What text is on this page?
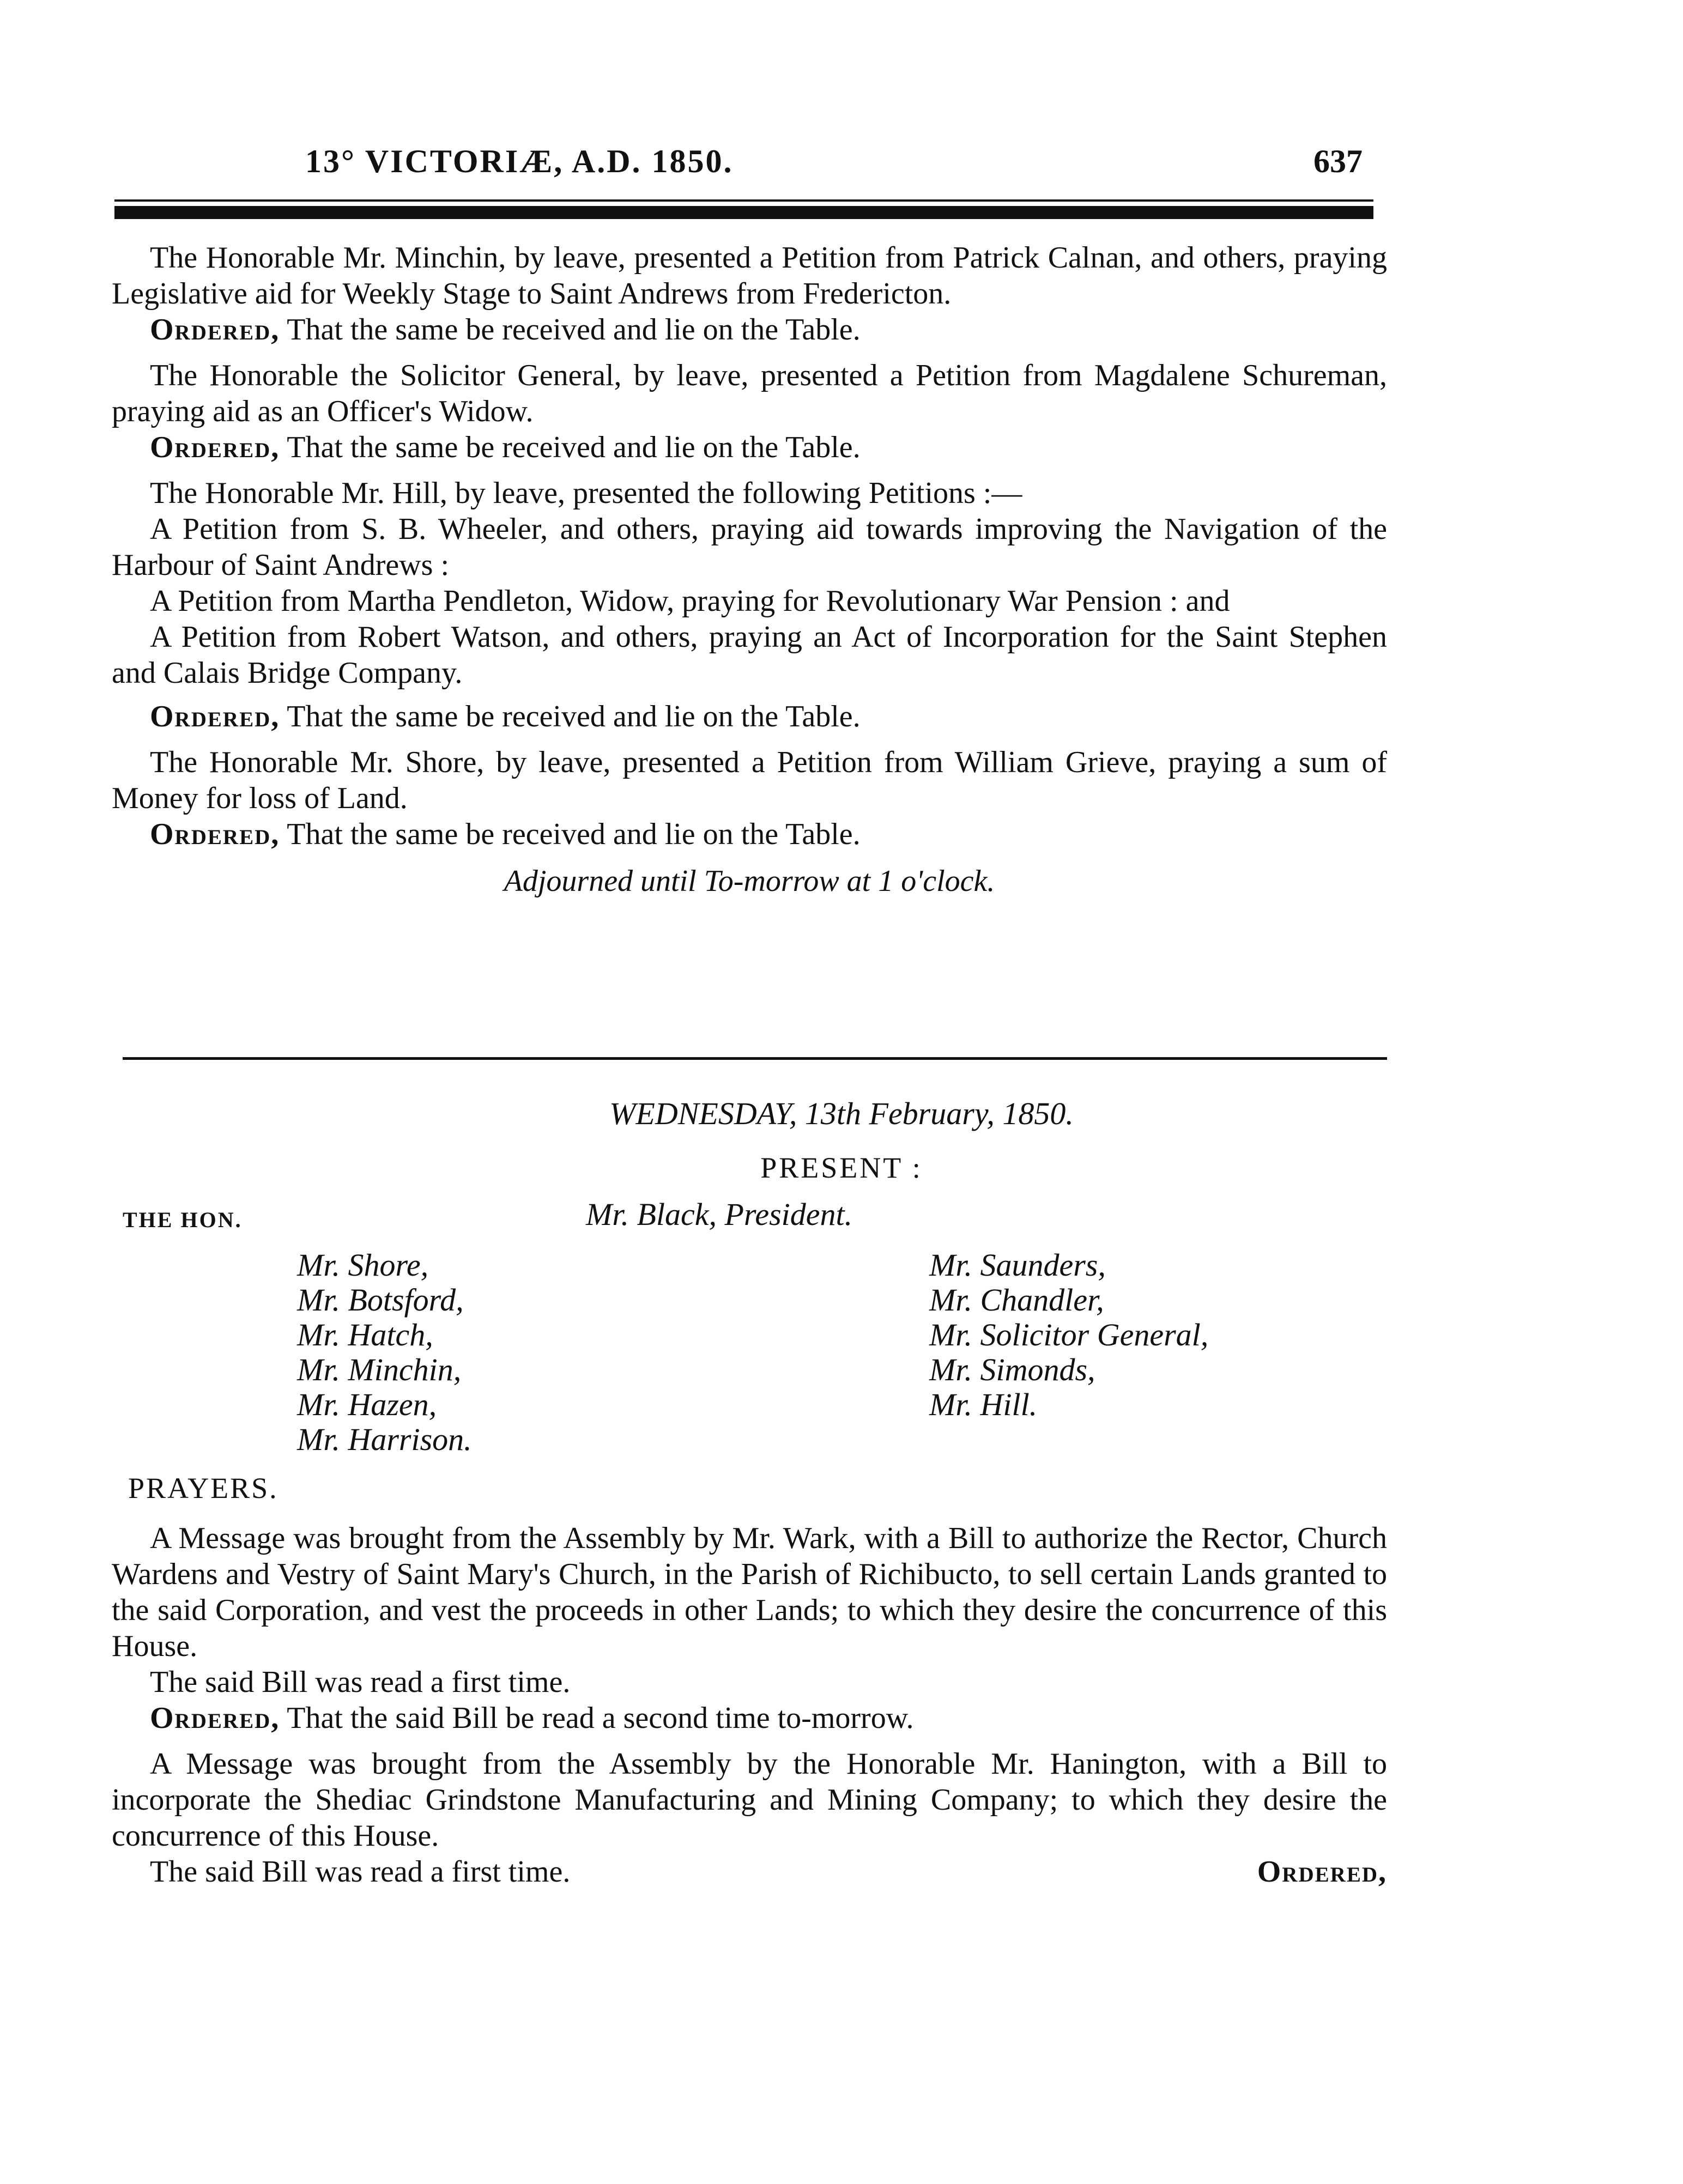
13° VICTORIÆ, A.D. 1850.	637

The Honorable Mr. Minchin, by leave, presented a Petition from Patrick Calnan, and others, praying Legislative aid for Weekly Stage to Saint Andrews from Fredericton.

Ordered, That the same be received and lie on the Table.

The Honorable the Solicitor General, by leave, presented a Petition from Magdalene Schureman, praying aid as an Officer's Widow.

Ordered, That the same be received and lie on the Table.

The Honorable Mr. Hill, by leave, presented the following Petitions :—

A Petition from S. B. Wheeler, and others, praying aid towards improving the Navigation of the Harbour of Saint Andrews :

A Petition from Martha Pendleton, Widow, praying for Revolutionary War Pension : and

A Petition from Robert Watson, and others, praying an Act of Incorporation for the Saint Stephen and Calais Bridge Company.

Ordered, That the same be received and lie on the Table.

The Honorable Mr. Shore, by leave, presented a Petition from William Grieve, praying a sum of Money for loss of Land.

Ordered, That the same be received and lie on the Table.
Adjourned until To-morrow at 1 o'clock.
WEDNESDAY, 13th February, 1850.
PRESENT :
THE HON.	Mr. Black, President.
Mr. Shore,
Mr. Botsford,
Mr. Hatch,
Mr. Minchin,
Mr. Hazen,
Mr. Harrison.
Mr. Saunders,
Mr. Chandler,
Mr. Solicitor General,
Mr. Simonds,
Mr. Hill.
PRAYERS.

A Message was brought from the Assembly by Mr. Wark, with a Bill to authorize the Rector, Church Wardens and Vestry of Saint Mary's Church, in the Parish of Richibucto, to sell certain Lands granted to the said Corporation, and vest the proceeds in other Lands; to which they desire the concurrence of this House.

The said Bill was read a first time.
Ordered, That the said Bill be read a second time to-morrow.

A Message was brought from the Assembly by the Honorable Mr. Hanington, with a Bill to incorporate the Shediac Grindstone Manufacturing and Mining Company; to which they desire the concurrence of this House.

The said Bill was read a first time.	Ordered,
